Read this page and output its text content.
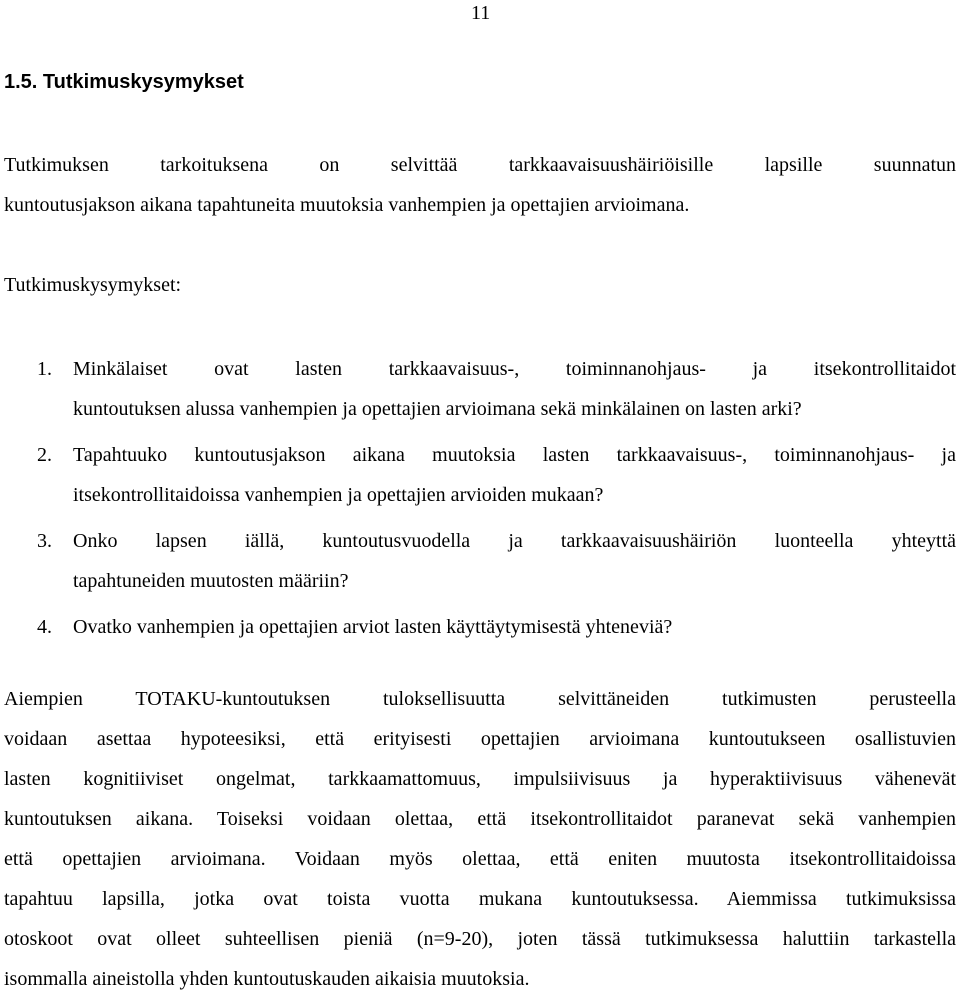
11
1.5. Tutkimuskysymykset

Tutkimuksen tarkoituksena on selvittää tarkkaavaisuushäiriöisille lapsille suunnatun
kuntoutusjakson aikana tapahtuneita muutoksia vanhempien ja opettajien arvioimana.

Tutkimuskysymykset:

1. Minkälaiset ovat lasten tarkkaavaisuus-, toiminnanohjaus- ja itsekontrollitaidot
kuntoutuksen alussa vanhempien ja opettajien arvioimana sekä minkälainen on lasten arki?
2. Tapahtuuko kuntoutusjakson aikana muutoksia lasten tarkkaavaisuus-, toiminnanohjaus- ja
itsekontrollitaidoissa vanhempien ja opettajien arvioiden mukaan?
3. Onko lapsen iällä, kuntoutusvuodella ja tarkkaavaisuushäiriön luonteella yhteyttä
tapahtuneiden muutosten määriin?
4. Ovatko vanhempien ja opettajien arviot lasten käyttäytymisestä yhteneviä?

Aiempien TOTAKU-kuntoutuksen tuloksellisuutta selvittäneiden tutkimusten perusteella
voidaan asettaa hypoteesiksi, että erityisesti opettajien arvioimana kuntoutukseen osallistuvien
lasten kognitiiviset ongelmat, tarkkaamattomuus, impulsiivisuus ja hyperaktiivisuus vähenevät
kuntoutuksen aikana. Toiseksi voidaan olettaa, että itsekontrollitaidot paranevat sekä vanhempien
että opettajien arvioimana. Voidaan myös olettaa, että eniten muutosta itsekontrollitaidoissa
tapahtuu lapsilla, jotka ovat toista vuotta mukana kuntoutuksessa. Aiemmissa tutkimuksissa
otoskoot ovat olleet suhteellisen pieniä (n=9-20), joten tässä tutkimuksessa haluttiin tarkastella
isommalla aineistolla yhden kuntoutuskauden aikaisia muutoksia.
